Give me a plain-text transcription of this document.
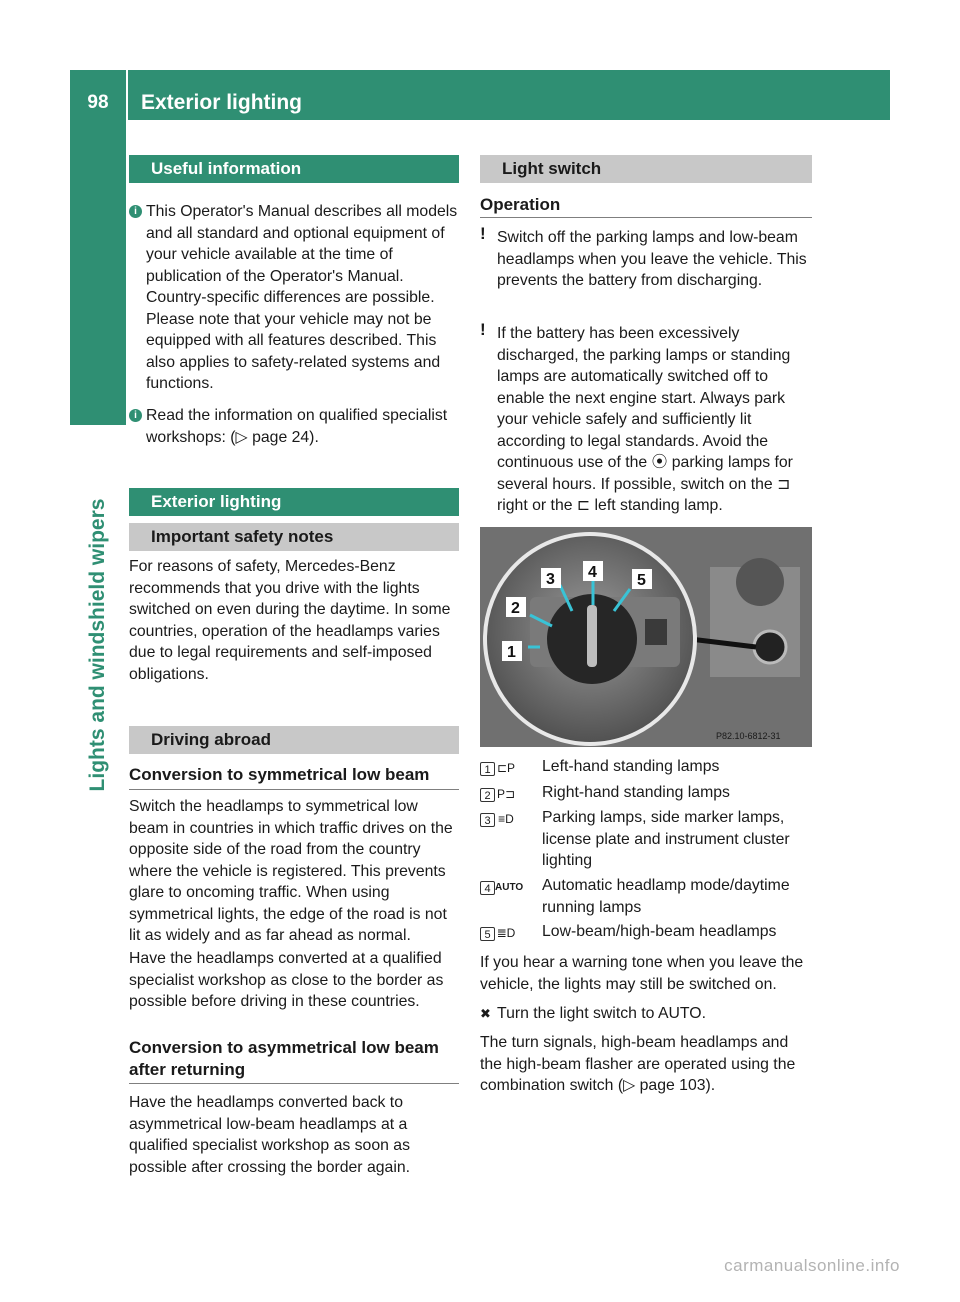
98	Exterior lighting
Lights and windshield wipers
Useful information
i This Operator's Manual describes all models and all standard and optional equipment of your vehicle available at the time of publication of the Operator's Manual. Country-specific differences are possible. Please note that your vehicle may not be equipped with all features described. This also applies to safety-related systems and functions.
i Read the information on qualified specialist workshops: (▷ page 24).
Exterior lighting
Important safety notes
For reasons of safety, Mercedes-Benz recommends that you drive with the lights switched on even during the daytime. In some countries, operation of the headlamps varies due to legal requirements and self-imposed obligations.
Driving abroad
Conversion to symmetrical low beam
Switch the headlamps to symmetrical low beam in countries in which traffic drives on the opposite side of the road from the country where the vehicle is registered. This prevents glare to oncoming traffic. When using symmetrical lights, the edge of the road is not lit as widely and as far ahead as normal.
Have the headlamps converted at a qualified specialist workshop as close to the border as possible before driving in these countries.
Conversion to asymmetrical low beam after returning
Have the headlamps converted back to asymmetrical low-beam headlamps at a qualified specialist workshop as soon as possible after crossing the border again.
Light switch
Operation
! Switch off the parking lamps and low-beam headlamps when you leave the vehicle. This prevents the battery from discharging.
! If the battery has been excessively discharged, the parking lamps or standing lamps are automatically switched off to enable the next engine start. Always park your vehicle safely and sufficiently lit according to legal standards. Avoid the continuous use of the ⦿ parking lamps for several hours. If possible, switch on the ⊐ right or the ⊏ left standing lamp.
1
2
3 4	5
P82.10-6812-31
1 ⊏P Left-hand standing lamps
2 P⊐ Right-hand standing lamps
3 ≡D Parking lamps, side marker lamps, license plate and instrument cluster lighting
4 AUTO Automatic headlamp mode/daytime running lamps
5 ≣D Low-beam/high-beam headlamps
If you hear a warning tone when you leave the vehicle, the lights may still be switched on.
✖ Turn the light switch to AUTO.
The turn signals, high-beam headlamps and the high-beam flasher are operated using the combination switch (▷ page 103).
carmanualsonline.info
